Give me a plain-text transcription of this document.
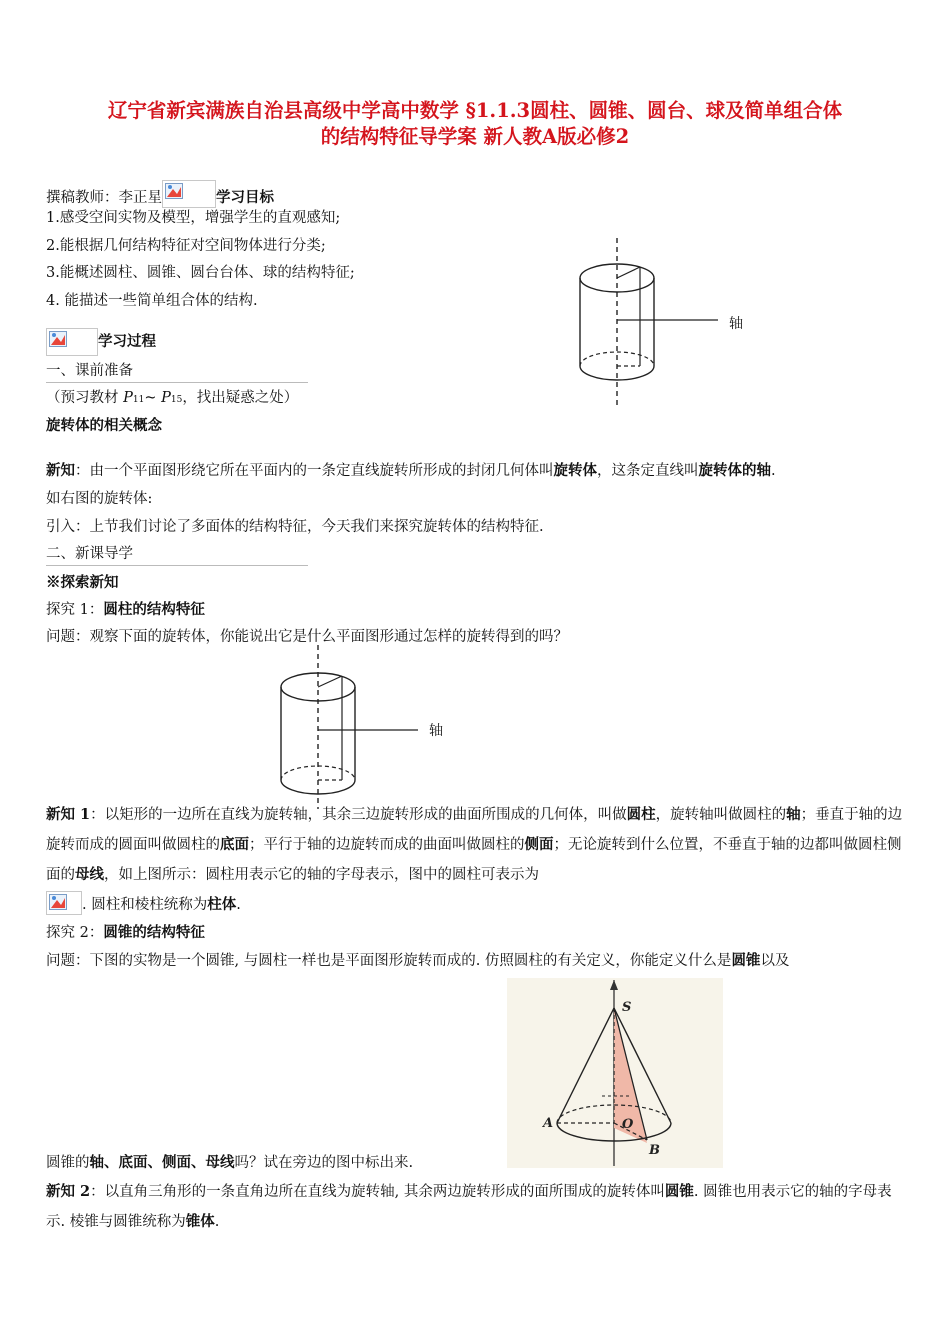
辽宁省新宾满族自治县高级中学高中数学 §1.1.3圆柱、圆锥、圆台、球及简单组合体
的结构特征导学案 新人教A版必修2
撰稿教师：李正星	学习目标
1.感受空间实物及模型，增强学生的直观感知;
2.能根据几何结构特征对空间物体进行分类;
3.能概述圆柱、圆锥、圆台台体、球的结构特征;
4. 能描述一些简单组合体的结构.
学习过程
一、课前准备
（预习教材 P11~ P15，找出疑惑之处）
旋转体的相关概念
轴
新知：由一个平面图形绕它所在平面内的一条定直线旋转所形成的封闭几何体叫旋转体，这条定直线叫旋转体的轴.
如右图的旋转体:
引入：上节我们讨论了多面体的结构特征，今天我们来探究旋转体的结构特征.
二、新课导学
※探索新知
探究 1：圆柱的结构特征
问题：观察下面的旋转体，你能说出它是什么平面图形通过怎样的旋转得到的吗？
轴
新知 1：以矩形的一边所在直线为旋转轴，其余三边旋转形成的曲面所围成的几何体，叫做圆柱，旋转轴叫做圆柱的轴；垂直于轴的边旋转而成的圆面叫做圆柱的底面；平行于轴的边旋转而成的曲面叫做圆柱的侧面；无论旋转到什么位置，不垂直于轴的边都叫做圆柱侧面的母线，如上图所示：圆柱用表示它的轴的字母表示，图中的圆柱可表示为

. 圆柱和棱柱统称为柱体.
探究 2：圆锥的结构特征
问题：下图的实物是一个圆锥, 与圆柱一样也是平面图形旋转而成的. 仿照圆柱的有关定义，你能定义什么是圆锥以及
S
O
A
B
圆锥的轴、底面、侧面、母线吗？试在旁边的图中标出来.
新知 2：以直角三角形的一条直角边所在直线为旋转轴, 其余两边旋转形成的面所围成的旋转体叫圆锥. 圆锥也用表示它的轴的字母表示. 棱锥与圆锥统称为锥体.
